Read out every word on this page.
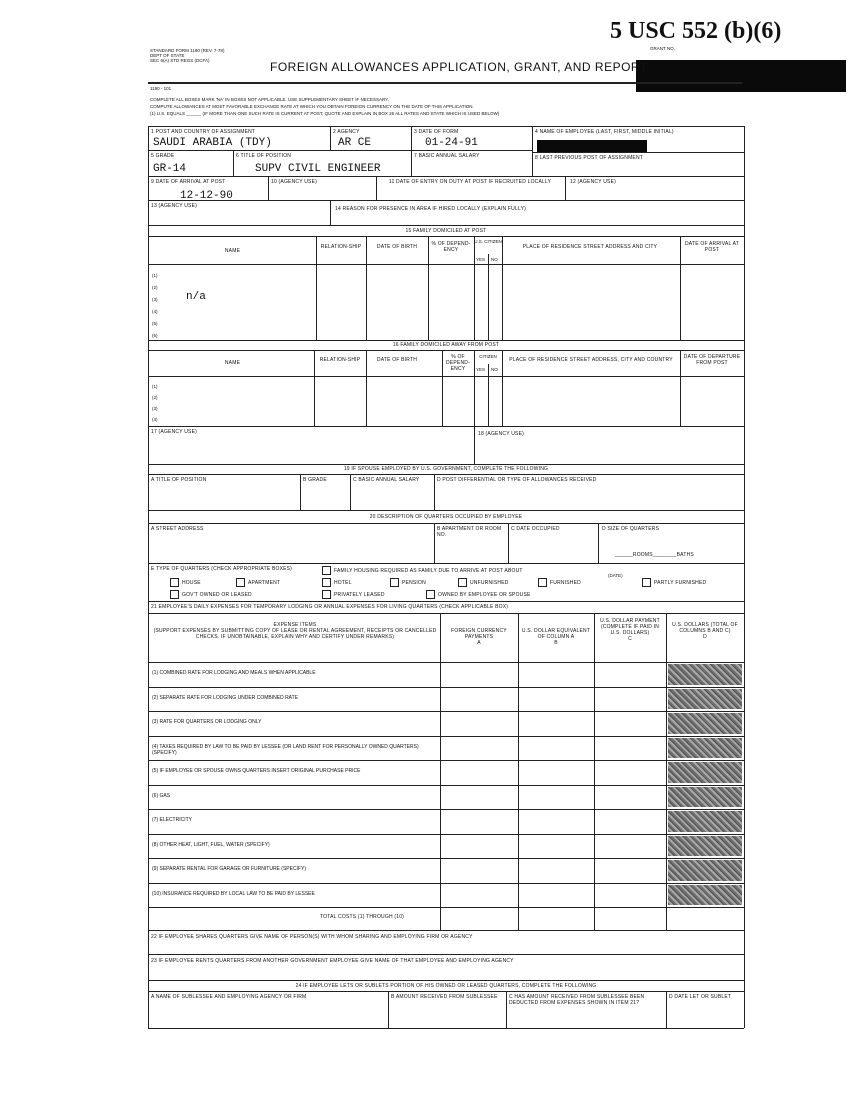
5 USC 552 (b)(6)
STANDARD FORM 1190 (REV. 7-78)
DEPT OF STATE
SEC 6(A) STD REGS (DCFA)	FOREIGN ALLOWANCES APPLICATION, GRANT, AND REPORT
GRANT NO.
1190 - 101
COMPLETE ALL BOXES MARK 'NA' IN BOXES NOT APPLICABLE. USE SUPPLEMENTARY SHEET IF NECESSARY.
COMPUTE ALLOWANCES AT MOST FAVORABLE EXCHANGE RATE AT WHICH YOU OBTAIN FOREIGN CURRENCY ON THE DATE OF THIS APPLICATION.
(1) U.S. EQUALS ______ (IF MORE THAN ONE SUCH RATE IS CURRENT AT POST, QUOTE AND EXPLAIN IN BOX 26 ALL RATES AND STATE WHICH IS USED BELOW)
1 POST AND COUNTRY OF ASSIGNMENT
SAUDI ARABIA (TDY)
2 AGENCY
AR CE
3 DATE OF FORM
01-24-91
4 NAME OF EMPLOYEE (LAST, FIRST, MIDDLE INITIAL)
5 GRADE
GR-14
6 TITLE OF POSITION
SUPV CIVIL ENGINEER
7 BASIC ANNUAL SALARY	8 LAST PREVIOUS POST OF ASSIGNMENT
9 DATE OF ARRIVAL AT POST
12-12-90
10 (AGENCY USE)	11 DATE OF ENTRY ON DUTY AT POST IF RECRUITED LOCALLY	12 (AGENCY USE)
13 (AGENCY USE)	14 REASON FOR PRESENCE IN AREA IF HIRED LOCALLY (EXPLAIN FULLY)
15 FAMILY DOMICILED AT POST
NAME
RELATION-SHIP	DATE OF BIRTH	% OF DEPEND-ENCY
U.S. CITIZEN
YES NO
PLACE OF RESIDENCE STREET ADDRESS AND CITY	DATE OF ARRIVAL AT POST
(1)
(2)
(3)
(4)
(5)
(6)
n/a
16 FAMILY DOMICILED AWAY FROM POST
NAME	RELATION-SHIP	DATE OF BIRTH	% OF DEPEND-ENCY
CITIZEN
YES NO
PLACE OF RESIDENCE STREET ADDRESS, CITY AND COUNTRY	DATE OF DEPARTURE FROM POST
(1)
(2)
(3)
(4)
17 (AGENCY USE)	18 (AGENCY USE)
19 IF SPOUSE EMPLOYED BY U.S. GOVERNMENT, COMPLETE THE FOLLOWING
A TITLE OF POSITION	B GRADE	C BASIC ANNUAL SALARY	D POST DIFFERENTIAL OR TYPE OF ALLOWANCES RECEIVED
20 DESCRIPTION OF QUARTERS OCCUPIED BY EMPLOYEE
A STREET ADDRESS	B APARTMENT OR ROOM NO.
C DATE OCCUPIED	D SIZE OF QUARTERS
______ROOMS________BATHS
E TYPE OF QUARTERS (CHECK APPROPRIATE BOXES)	FAMILY HOUSING REQUIRED AS FAMILY DUE TO ARRIVE AT POST ABOUT
(DATE)
HOUSE	APARTMENT	HOTEL	PENSION	UNFURNISHED	FURNISHED	PARTLY FURNISHED
GOV'T OWNED OR LEASED	PRIVATELY LEASED	OWNED BY EMPLOYEE OR SPOUSE
21 EMPLOYEE'S DAILY EXPENSES FOR TEMPORARY LODGING OR ANNUAL EXPENSES FOR LIVING QUARTERS (CHECK APPLICABLE BOX)
EXPENSE ITEMS
(SUPPORT EXPENSES BY SUBMITTING COPY OF LEASE OR RENTAL AGREEMENT, RECEIPTS OR CANCELLED CHECKS. IF UNOBTAINABLE, EXPLAIN WHY AND CERTIFY UNDER REMARKS)
FOREIGN CURRENCY PAYMENTS
A
U.S. DOLLAR EQUIVALENT OF COLUMN A
B
U.S. DOLLAR PAYMENT (COMPLETE IF PAID IN U.S. DOLLARS)
C
U.S. DOLLARS (TOTAL OF COLUMNS B AND C)
D
(1) COMBINED RATE FOR LODGING AND MEALS WHEN APPLICABLE
(2) SEPARATE RATE FOR LODGING UNDER COMBINED RATE
(3) RATE FOR QUARTERS OR LODGING ONLY
(4) TAXES REQUIRED BY LAW TO BE PAID BY LESSEE (OR LAND RENT FOR PERSONALLY OWNED QUARTERS) (SPECIFY)
(5) IF EMPLOYEE OR SPOUSE OWNS QUARTERS INSERT ORIGINAL PURCHASE PRICE
(6) GAS
(7) ELECTRICITY
(8) OTHER HEAT, LIGHT, FUEL, WATER (SPECIFY)
(9) SEPARATE RENTAL FOR GARAGE OR FURNITURE (SPECIFY)
(10) INSURANCE REQUIRED BY LOCAL LAW TO BE PAID BY LESSEE
TOTAL COSTS (1) THROUGH (10)
22 IF EMPLOYEE SHARES QUARTERS GIVE NAME OF PERSON(S) WITH WHOM SHARING AND EMPLOYING FIRM OR AGENCY
23 IF EMPLOYEE RENTS QUARTERS FROM ANOTHER GOVERNMENT EMPLOYEE GIVE NAME OF THAT EMPLOYEE AND EMPLOYING AGENCY
24 IF EMPLOYEE LETS OR SUBLETS PORTION OF HIS OWNED OR LEASED QUARTERS, COMPLETE THE FOLLOWING
A NAME OF SUBLESSEE AND EMPLOYING AGENCY OR FIRM	B AMOUNT RECEIVED FROM SUBLESSEE	C HAS AMOUNT RECEIVED FROM SUBLESSEE BEEN DEDUCTED FROM EXPENSES SHOWN IN ITEM 21?
D DATE LET OR SUBLET
